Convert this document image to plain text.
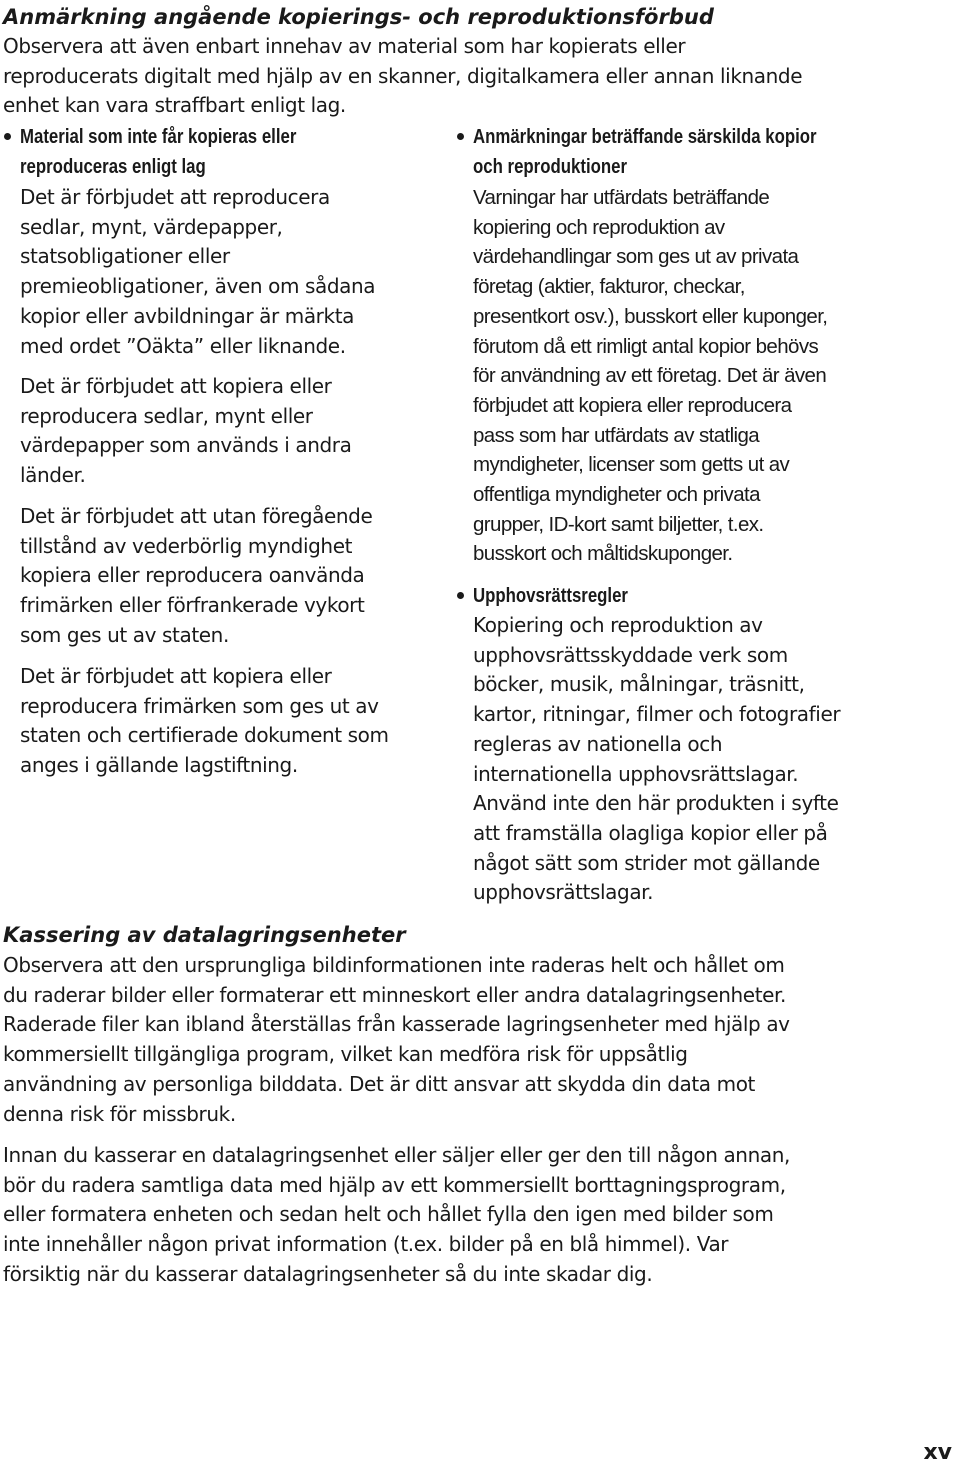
Anmärkning angående kopierings- och reproduktionsförbud
Observera att även enbart innehav av material som har kopierats eller
reproducerats digitalt med hjälp av en skanner, digitalkamera eller annan liknande
enhet kan vara straffbart enligt lag.
Material som inte får kopieras eller
reproduceras enligt lag
Det är förbjudet att reproducera
sedlar, mynt, värdepapper,
statsobligationer eller
premieobligationer, även om sådana
kopior eller avbildningar är märkta
med ordet ”Oäkta” eller liknande.
Det är förbjudet att kopiera eller
reproducera sedlar, mynt eller
värdepapper som används i andra
länder.
Det är förbjudet att utan föregående
tillstånd av vederbörlig myndighet
kopiera eller reproducera oanvända
frimärken eller förfrankerade vykort
som ges ut av staten.
Det är förbjudet att kopiera eller
reproducera frimärken som ges ut av
staten och certifierade dokument som
anges i gällande lagstiftning.
Anmärkningar beträffande särskilda kopior
och reproduktioner
Varningar har utfärdats beträffande
kopiering och reproduktion av
värdehandlingar som ges ut av privata
företag (aktier, fakturor, checkar,
presentkort osv.), busskort eller kuponger,
förutom då ett rimligt antal kopior behövs
för användning av ett företag. Det är även
förbjudet att kopiera eller reproducera
pass som har utfärdats av statliga
myndigheter, licenser som getts ut av
offentliga myndigheter och privata
grupper, ID-kort samt biljetter, t.ex.
busskort och måltidskuponger.
Upphovsrättsregler
Kopiering och reproduktion av
upphovsrättsskyddade verk som
böcker, musik, målningar, träsnitt,
kartor, ritningar, filmer och fotografier
regleras av nationella och
internationella upphovsrättslagar.
Använd inte den här produkten i syfte
att framställa olagliga kopior eller på
något sätt som strider mot gällande
upphovsrättslagar.
Kassering av datalagringsenheter
Observera att den ursprungliga bildinformationen inte raderas helt och hållet om
du raderar bilder eller formaterar ett minneskort eller andra datalagringsenheter.
Raderade filer kan ibland återställas från kasserade lagringsenheter med hjälp av
kommersiellt tillgängliga program, vilket kan medföra risk för uppsåtlig
användning av personliga bilddata. Det är ditt ansvar att skydda din data mot
denna risk för missbruk.
Innan du kasserar en datalagringsenhet eller säljer eller ger den till någon annan,
bör du radera samtliga data med hjälp av ett kommersiellt borttagningsprogram,
eller formatera enheten och sedan helt och hållet fylla den igen med bilder som
inte innehåller någon privat information (t.ex. bilder på en blå himmel). Var
försiktig när du kasserar datalagringsenheter så du inte skadar dig.
xv
